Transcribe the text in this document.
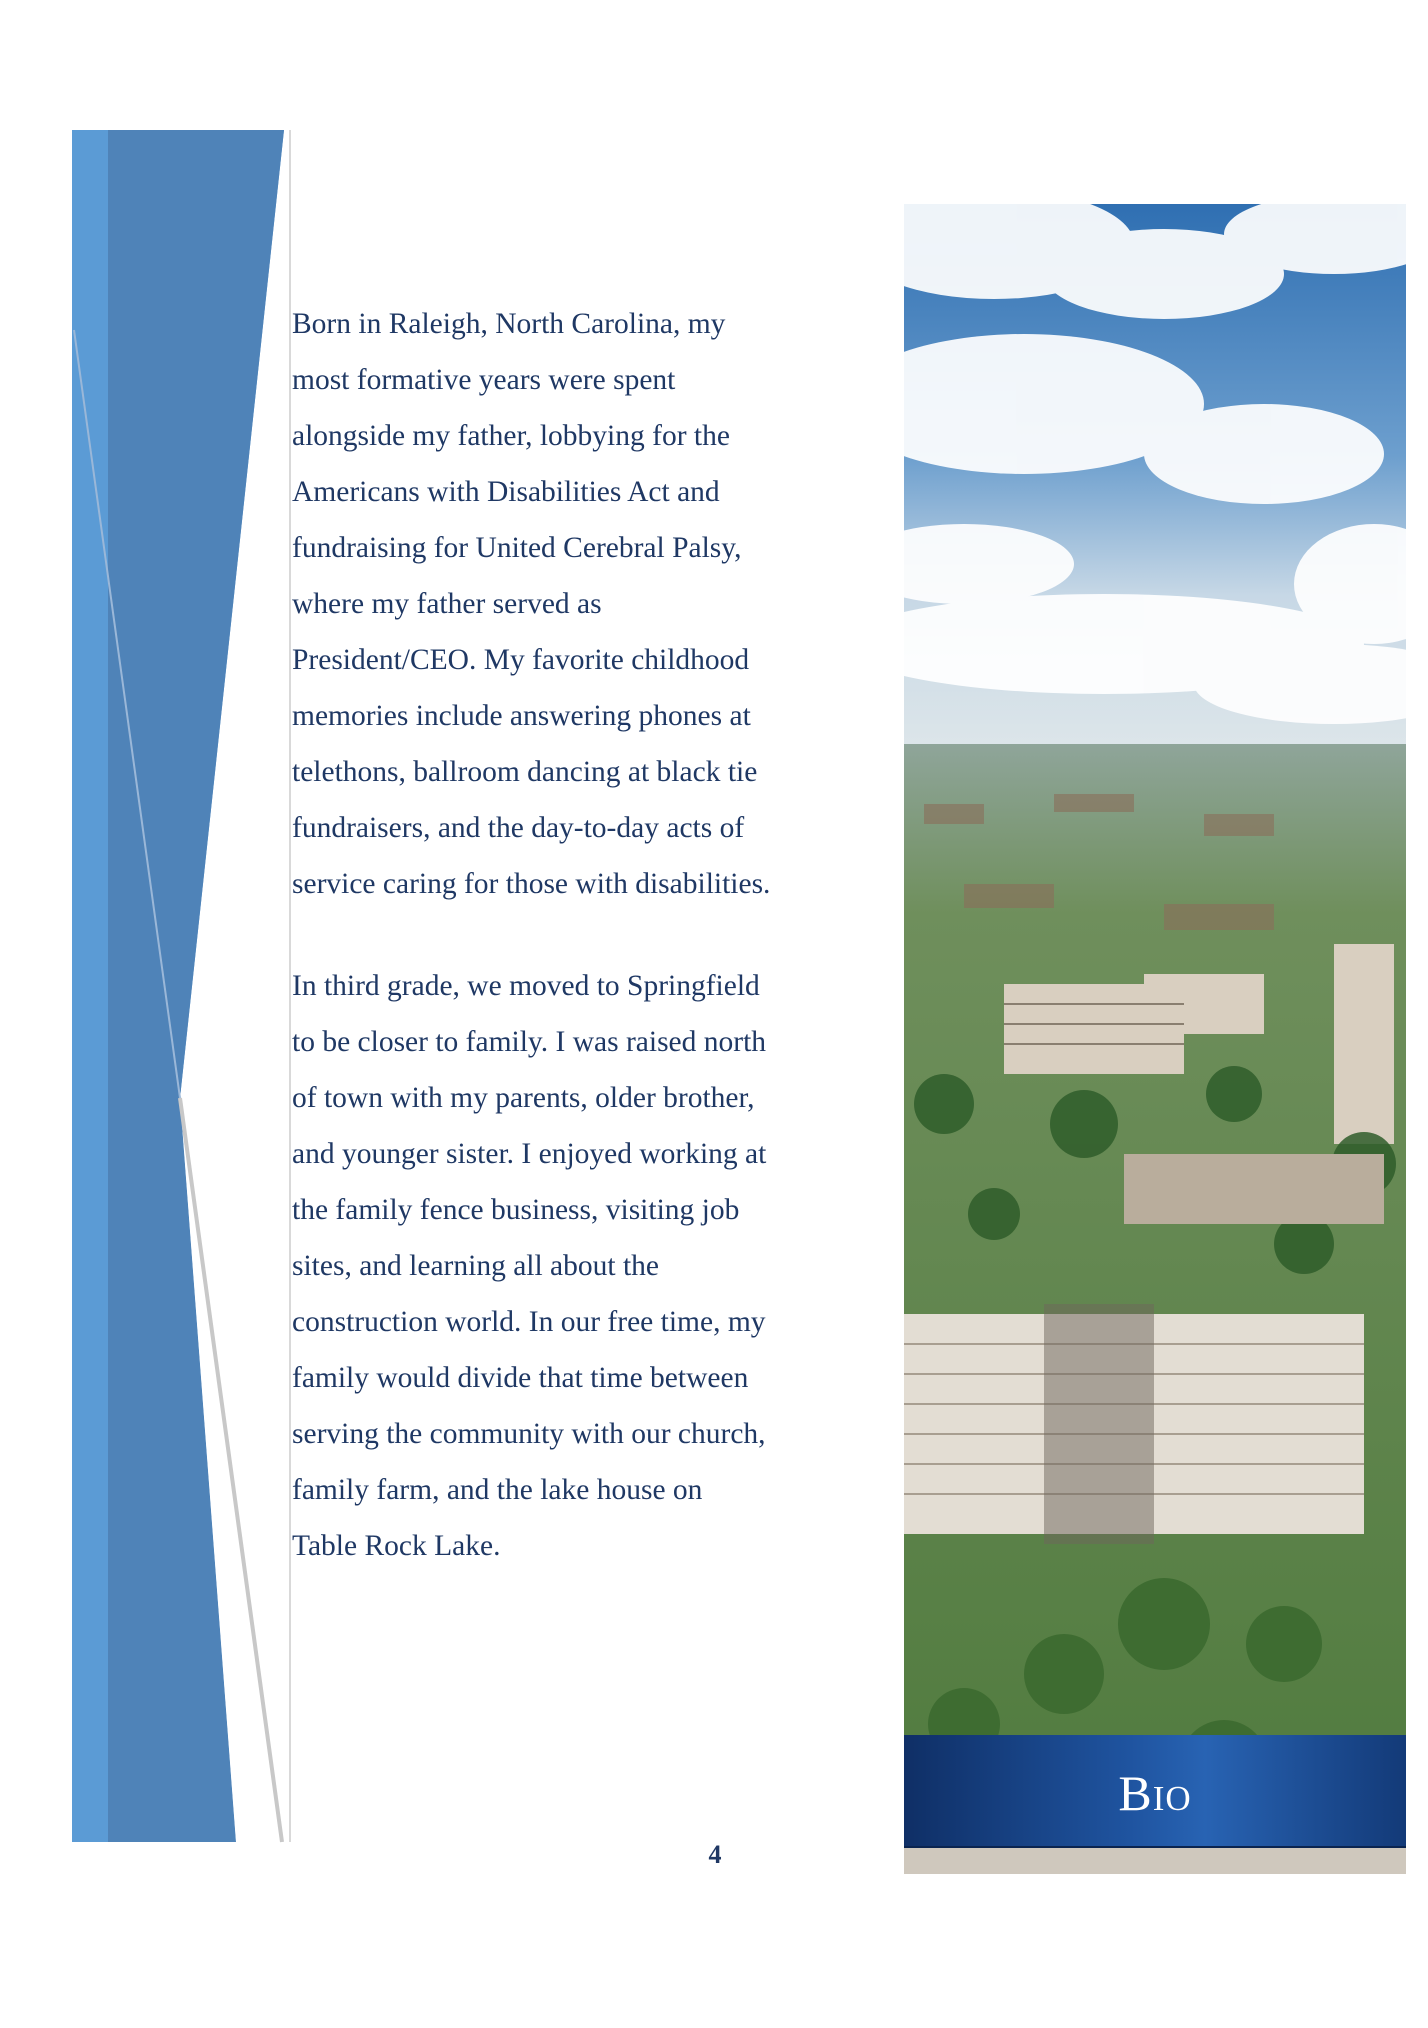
Born in Raleigh, North Carolina, my
most formative years were spent
alongside my father, lobbying for the
Americans with Disabilities Act and
fundraising for United Cerebral Palsy,
where my father served as
President/CEO. My favorite childhood
memories include answering phones at
telethons, ballroom dancing at black tie
fundraisers, and the day-to-day acts of
service caring for those with disabilities.

In third grade, we moved to Springfield
to be closer to family. I was raised north
of town with my parents, older brother,
and younger sister. I enjoyed working at
the family fence business, visiting job
sites, and learning all about the
construction world. In our free time, my
family would divide that time between
serving the community with our church,
family farm, and the lake house on
Table Rock Lake.

4
Bio
